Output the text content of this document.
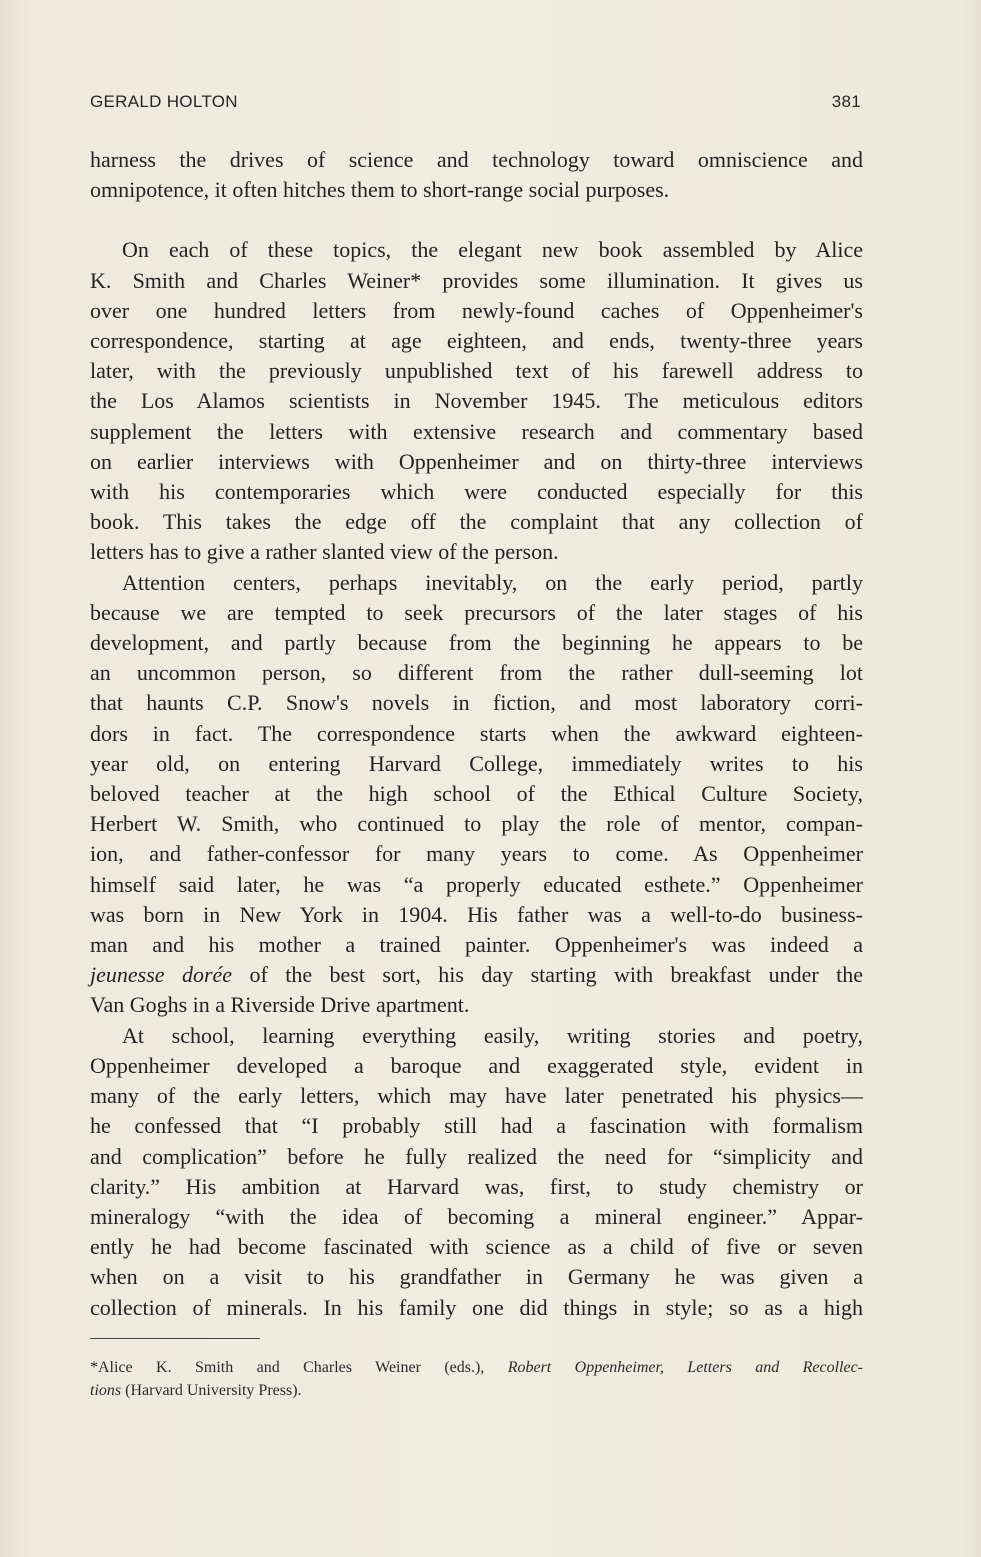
GERALD HOLTON	381

harness the drives of science and technology toward omniscience and
omnipotence, it often hitches them to short-range social purposes.

On each of these topics, the elegant new book assembled by Alice
K. Smith and Charles Weiner* provides some illumination. It gives us
over one hundred letters from newly-found caches of Oppenheimer's
correspondence, starting at age eighteen, and ends, twenty-three years
later, with the previously unpublished text of his farewell address to
the Los Alamos scientists in November 1945. The meticulous editors
supplement the letters with extensive research and commentary based
on earlier interviews with Oppenheimer and on thirty-three interviews
with his contemporaries which were conducted especially for this
book. This takes the edge off the complaint that any collection of
letters has to give a rather slanted view of the person.

Attention centers, perhaps inevitably, on the early period, partly
because we are tempted to seek precursors of the later stages of his
development, and partly because from the beginning he appears to be
an uncommon person, so different from the rather dull-seeming lot
that haunts C.P. Snow's novels in fiction, and most laboratory corri-
dors in fact. The correspondence starts when the awkward eighteen-
year old, on entering Harvard College, immediately writes to his
beloved teacher at the high school of the Ethical Culture Society,
Herbert W. Smith, who continued to play the role of mentor, compan-
ion, and father-confessor for many years to come. As Oppenheimer
himself said later, he was “a properly educated esthete.” Oppenheimer
was born in New York in 1904. His father was a well-to-do business-
man and his mother a trained painter. Oppenheimer's was indeed a
jeunesse dorée of the best sort, his day starting with breakfast under the
Van Goghs in a Riverside Drive apartment.

At school, learning everything easily, writing stories and poetry,
Oppenheimer developed a baroque and exaggerated style, evident in
many of the early letters, which may have later penetrated his physics—
he confessed that “I probably still had a fascination with formalism
and complication” before he fully realized the need for “simplicity and
clarity.” His ambition at Harvard was, first, to study chemistry or
mineralogy “with the idea of becoming a mineral engineer.” Appar-
ently he had become fascinated with science as a child of five or seven
when on a visit to his grandfather in Germany he was given a
collection of minerals. In his family one did things in style; so as a high

*Alice K. Smith and Charles Weiner (eds.), Robert Oppenheimer, Letters and Recollec-
tions (Harvard University Press).
